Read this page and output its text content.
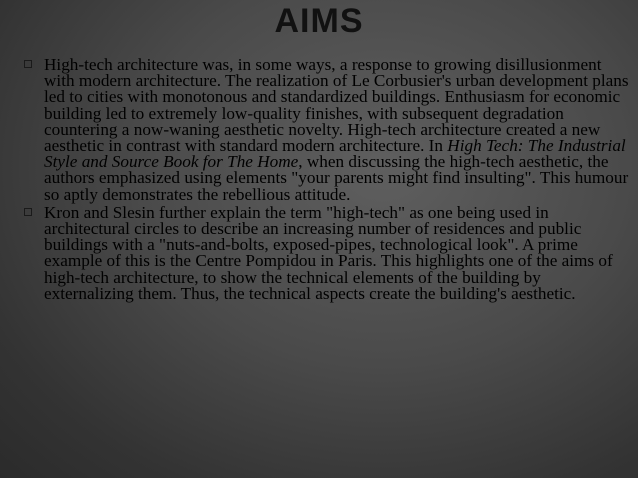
AIMS
High-tech architecture was, in some ways, a response to growing disillusionment with modern architecture. The realization of Le Corbusier's urban development plans led to cities with monotonous and standardized buildings. Enthusiasm for economic building led to extremely low-quality finishes, with subsequent degradation countering a now-waning aesthetic novelty. High-tech architecture created a new aesthetic in contrast with standard modern architecture. In High Tech: The Industrial Style and Source Book for The Home, when discussing the high-tech aesthetic, the authors emphasized using elements "your parents might find insulting". This humour so aptly demonstrates the rebellious attitude.
Kron and Slesin further explain the term "high-tech" as one being used in architectural circles to describe an increasing number of residences and public buildings with a "nuts-and-bolts, exposed-pipes, technological look". A prime example of this is the Centre Pompidou in Paris. This highlights one of the aims of high-tech architecture, to show the technical elements of the building by externalizing them. Thus, the technical aspects create the building's aesthetic.
